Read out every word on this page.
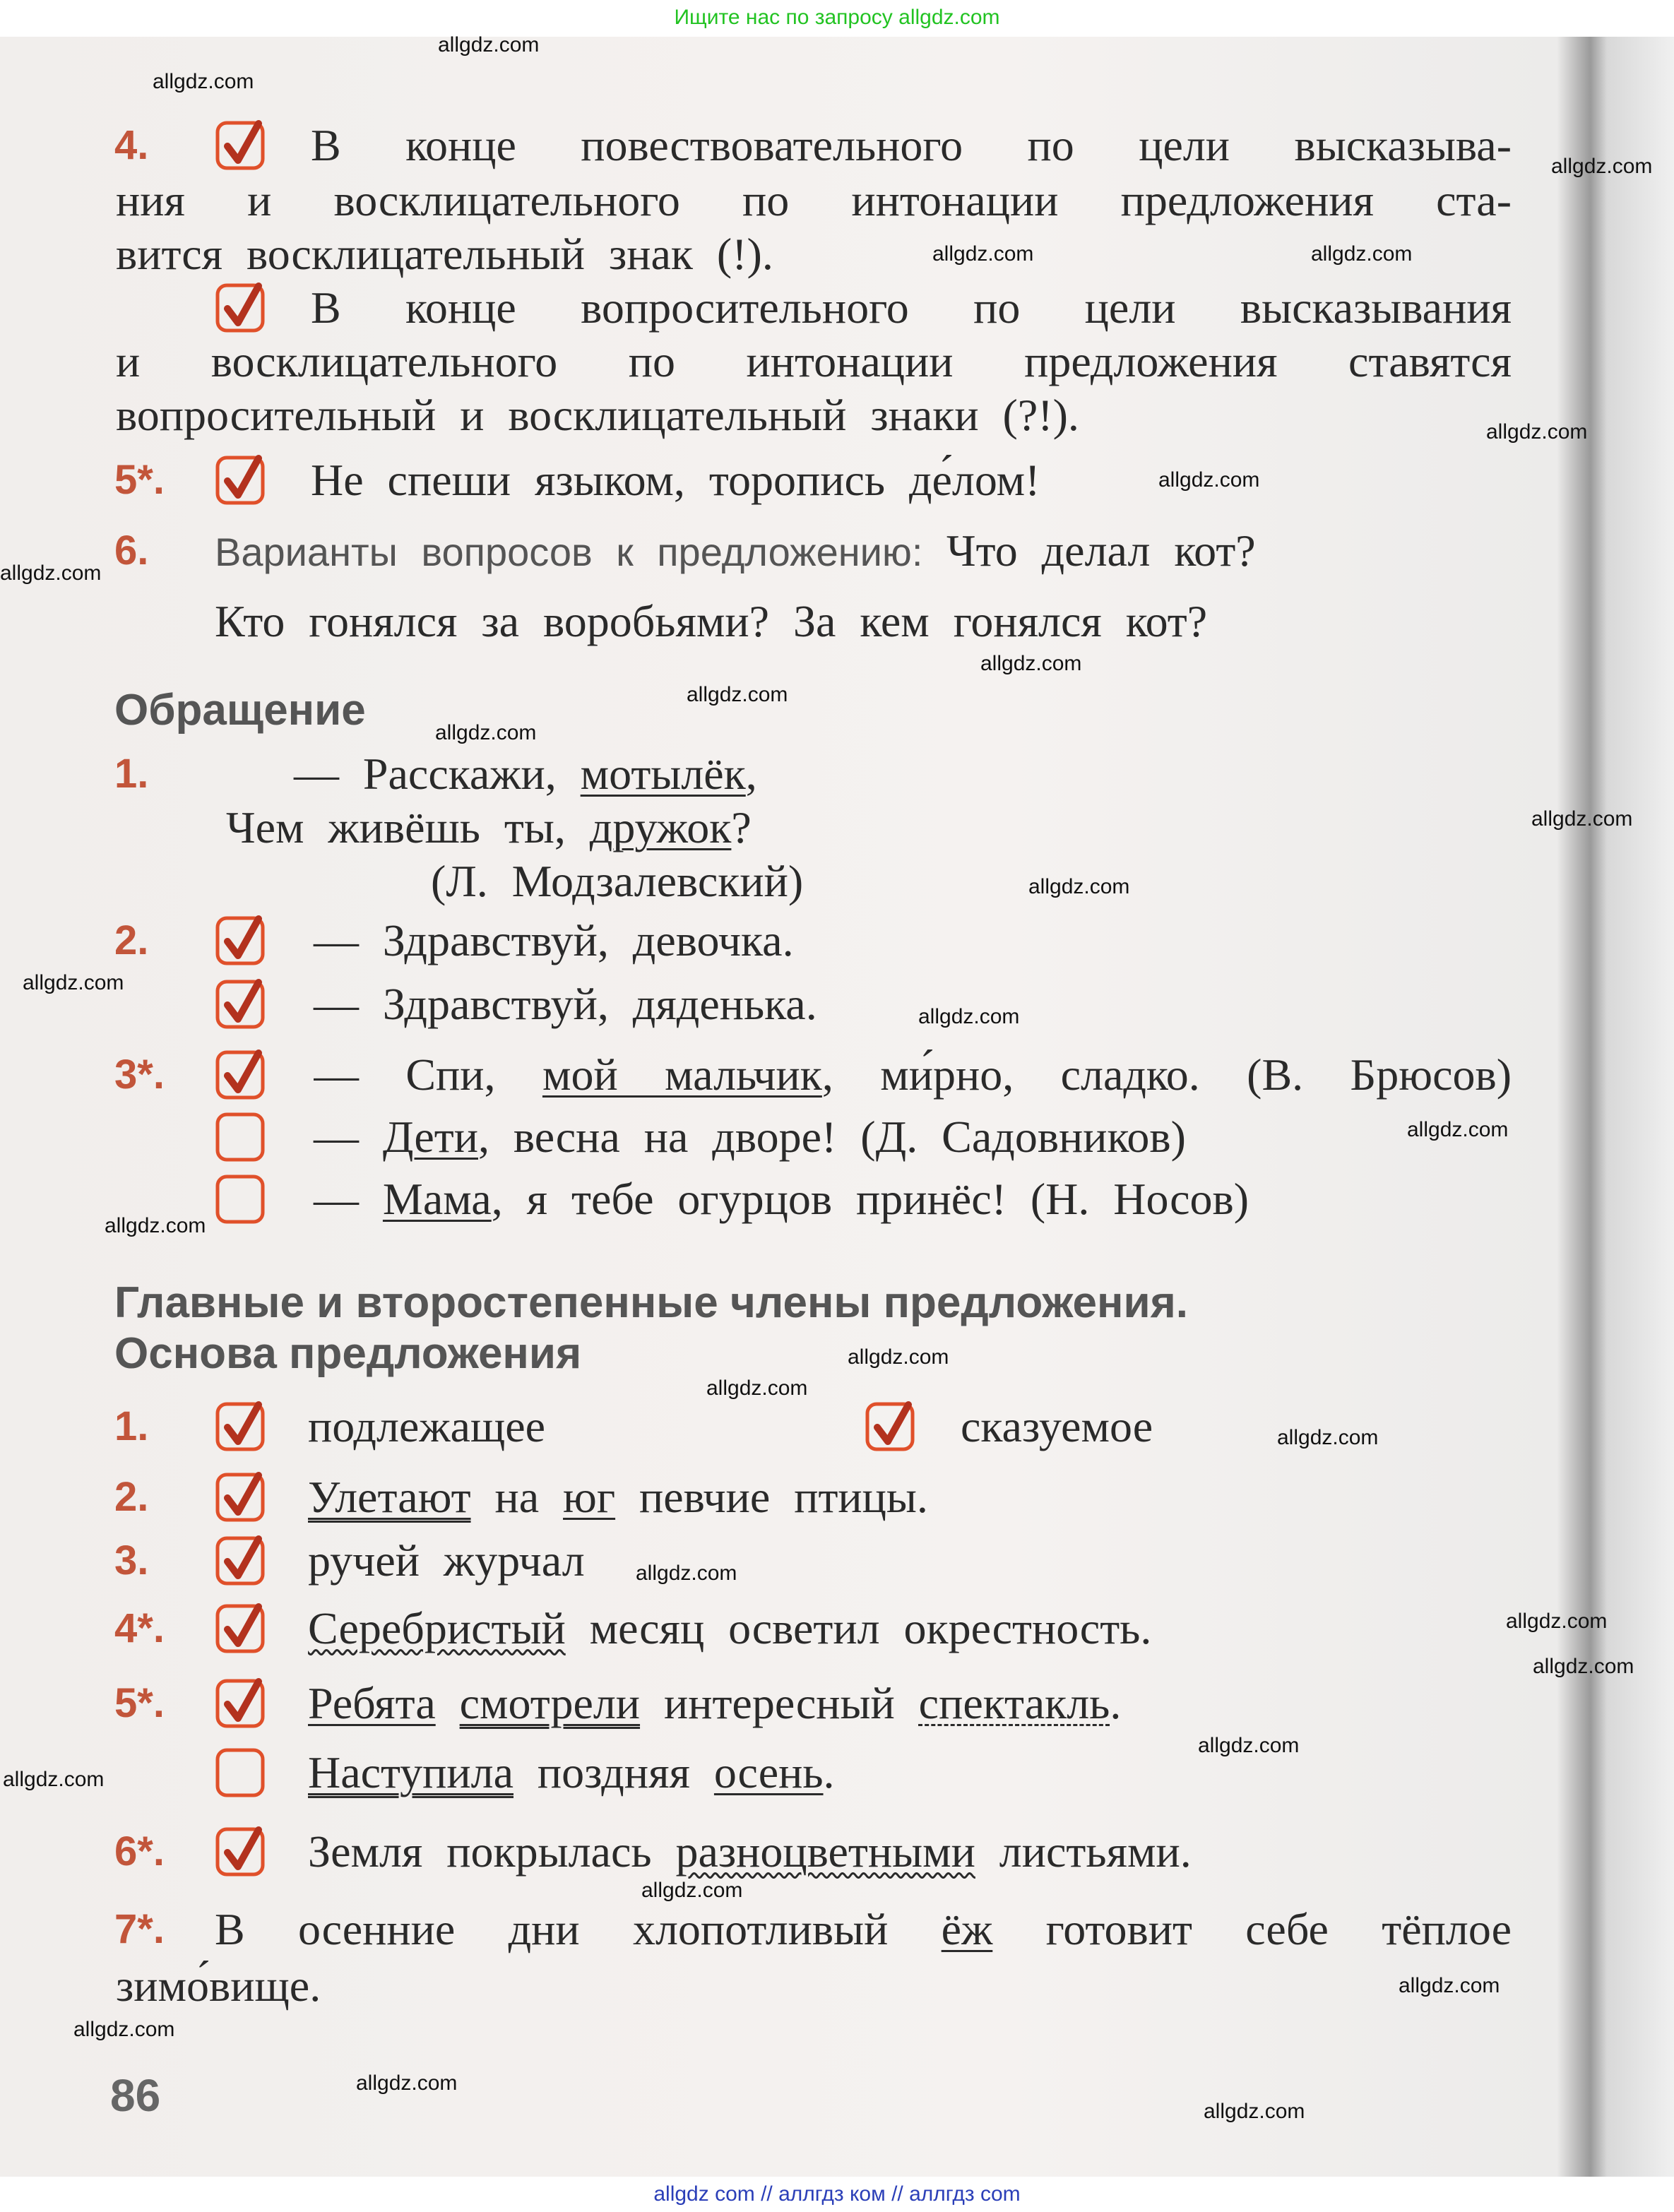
Ищите нас по запросу allgdz.com
Обращение
Главные и второстепенные члены предложения.
Основа предложения
4.	В конце повествовательного по цели высказыва-
ния и восклицательного по интонации предложения ста-
вится восклицательный знак (!).
В конце вопросительного по цели высказывания
и восклицательного по интонации предложения ставятся
вопросительный и восклицательный знаки (?!).
5*.	Не спеши языком, торопись де́лом!
6. Варианты вопросов к предложению: Что делал кот?
Кто гонялся за воробьями? За кем гонялся кот?
1.	— Расскажи, мотылёк,
Чем живёшь ты, дружок?
(Л. Модзалевский)
2.	— Здравствуй, девочка.
— Здравствуй, дяденька.
3*.	— Спи, мой мальчик, ми́рно, сладко. (В. Брюсов)
— Дети, весна на дворе! (Д. Садовников)
— Мама, я тебе огурцов принёс! (Н. Носов)
1.	подлежащее	сказуемое
2.	Улетают на юг певчие птицы.
3.	ручей журчал
4*.	Серебристый месяц осветил окрестность.
5*.	Ребята смотрели интересный спектакль.
Наступила поздняя осень.
6*.	Земля покрылась разноцветными листьями.
7*. В осенние дни хлопотливый ёж готовит себе тёплое
зимо́вище.
86
allgdz.com
allgdz.com
allgdz.com
allgdz.com	allgdz.com
allgdz.com
allgdz.com
allgdz.com
allgdz.com
allgdz.com
allgdz.com
allgdz.com
allgdz.com
allgdz.com
allgdz.com
allgdz.com
allgdz.com
allgdz.com
allgdz.com
allgdz.com
allgdz.com
allgdz.com
allgdz.com
allgdz.com
allgdz.com
allgdz.com
allgdz.com
allgdz.com
allgdz.com
allgdz.com
allgdz com // аллгдз ком // аллгдз com
